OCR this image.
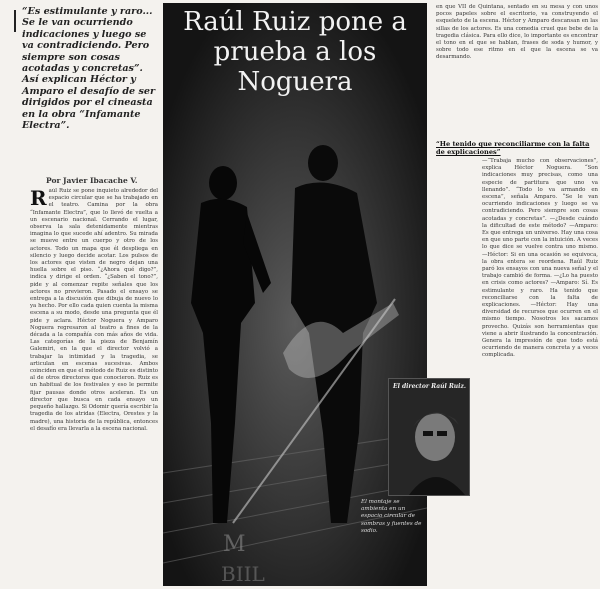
“Es estimulante y raro... Se le van ocurriendo indicaciones y luego se va contradiciendo. Pero siempre son cosas acotadas y concretas”. Así explican Héctor y Amparo el desafío de ser dirigidos por el cineasta en la obra “Infamante Electra”.
Por Javier Ibacache V.
Raúl Ruiz se pone inquieto alrededor del espacio circular que se ha trabajado en el teatro. Camina por la obra “Infamante Electra”, que lo llevó de vuelta a un escenario nacional. Cerrando el lugar, observa la sala detenidamente mientras imagina lo que sucede ahí adentro. Su mirada se mueve entre un cuerpo y otro de los actores. Todo un mapa que él despliega en silencio y luego decide acotar. Los pulsos de los actores que visten de negro dejan una huella sobre el piso. “¿Ahora qué digo?”, indica y dirige el orden. “¿Saben el tono?”, pide y al comenzar repite señales que los actores no previeron. Pasado el ensayo se entrega a la discusión que dibuja de nuevo lo ya hecho. Por ello cada quien cuenta la misma escena a su modo, desde una pregunta que él pide y aclara. Héctor Noguera y Amparo Noguera regresaron al teatro a fines de la década a la compañía con más años de vida. Las categorías de la pieza de Benjamín Galemiri, en la que el director volvió a trabajar la intimidad y la tragedia, se articulan en escenas sucesivas. Ambos coinciden en que el método de Ruiz es distinto al de otros directores que conocieron. Ruiz es un habitual de los festivales y eso le permite fijar pausas donde otros aceleran. Es un director que busca en cada ensayo un pequeño hallazgo. Si Odomir quería escribir la tragedia de los atridas (Electra, Orestes y la madre), una historia de la república, entonces el desafío era llevarla a la escena nacional.
M
BIIL
Raúl Ruiz pone a prueba a los Noguera
El montaje se ambienta en un espacio circular de sombras y fuentes de sodio.
en que VII de Quintana, sentado en su mesa y con unos pocos papeles sobre el escritorio, va construyendo el esqueleto de la escena. Héctor y Amparo descansan en las sillas de los actores. Es una comedia cruel que bebe de la tragedia clásica. Para ello dice, lo importante es encontrar el tono en el que se hablan, frases de soda y humor, y sobre todo ese ritmo en el que la escena se va desarmando.
“He tenido que reconciliarme con la falta de explicaciones”
—“Trabaja mucho con observaciones”, explica Héctor Noguera. “Son indicaciones muy precisas, como una especie de partitura que uno va llenando”. “Todo lo va armando en escena”, señala Amparo. “Se le van ocurriendo indicaciones y luego se va contradiciendo. Pero siempre son cosas acotadas y concretas”. —¿Desde cuándo la dificultad de este método? —Amparo: Es que entrega un universo. Hay una cosa en que uno parte con la intuición. A veces lo que dice se vuelve contra uno mismo. —Héctor: Si en una ocasión se equivoca, la obra entera se reordena. Raúl Ruiz paró los ensayos con una nueva señal y el trabajo cambió de forma. —¿Lo ha puesto en crisis como actores? —Amparo: Sí. Es estimulante y raro. Ha tenido que reconciliarse con la falta de explicaciones. —Héctor: Hay una diversidad de recursos que ocurren en el mismo tiempo. Nosotros les sacamos provecho. Quizás son herramientas que viene a abrir ilustrando la concentración. Genera la impresión de que todo está ocurriendo de manera concreta y a veces complicada.
El director Raúl Ruiz.
